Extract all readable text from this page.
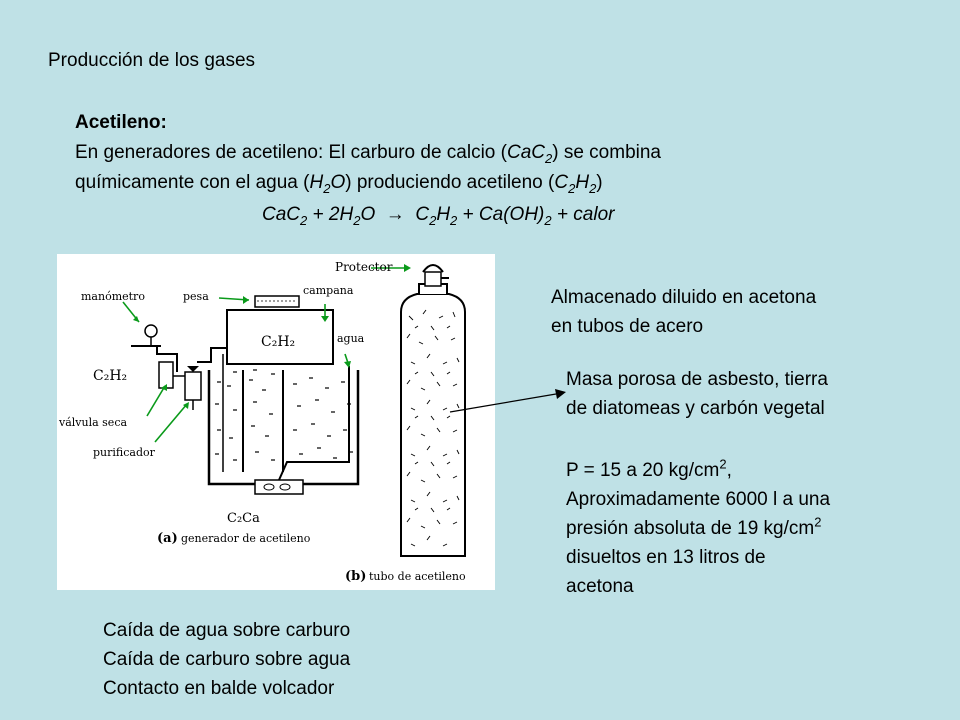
Producción de los gases
Acetileno:
En generadores de acetileno: El carburo de calcio (CaC$_2$) se combina
químicamente con el agua $(H_2O)$ produciendo acetileno $(C_2H_2)$
$CaC_2 + 2H_2O \to C_2H_2 + Ca(OH)_2$ + calor
Protector
manómetro	pesa	campana
agua
C₂H₂
C₂H₂
válvula seca
purificador
C₂Ca
(a) generador de acetileno
(b) tubo de acetileno
Almacenado diluido en acetona
en tubos de acero
Masa porosa de asbesto, tierra
de diatomeas y carbón vegetal
P = 15 a 20 $kg/cm^2$,
Aproximadamente 6000 l a una
presión absoluta de 19 $kg/cm^2$
disueltos en 13 litros de
acetona
Caída de agua sobre carburo
Caída de carburo sobre agua
Contacto en balde volcador
